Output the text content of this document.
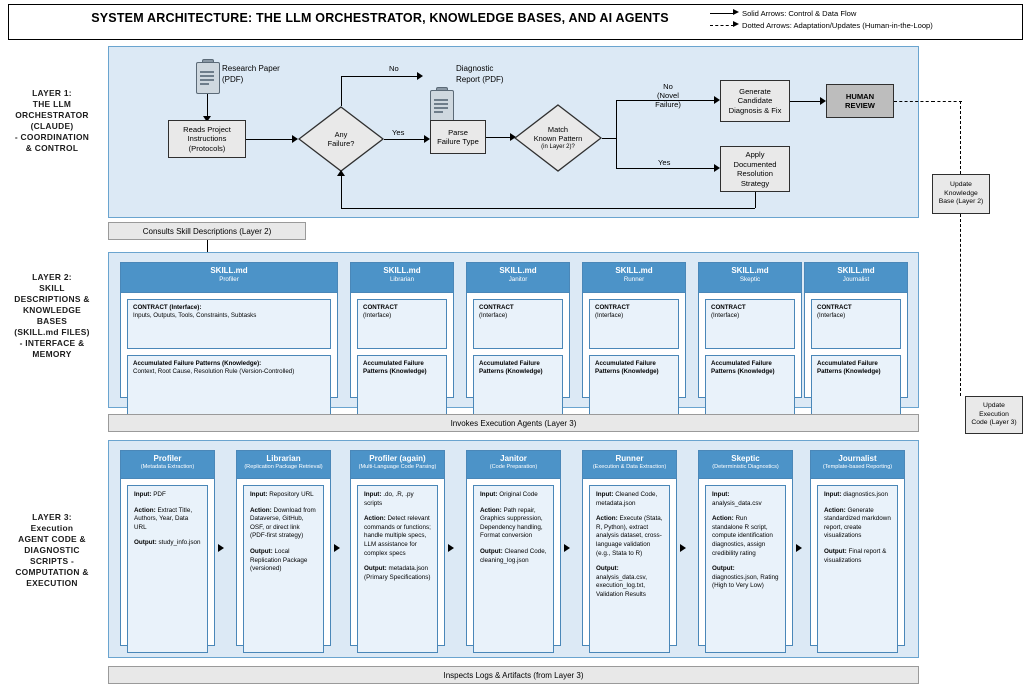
SYSTEM ARCHITECTURE: THE LLM ORCHESTRATOR, KNOWLEDGE BASES, AND AI AGENTS	Solid Arrows: Control & Data Flow
Dotted Arrows: Adaptation/Updates (Human-in-the-Loop)
LAYER 1:
THE LLM
ORCHESTRATOR
(CLAUDE)
- COORDINATION
& CONTROL
Research Paper
(PDF)
Reads Project
Instructions
(Protocols)
Any
Failure?
No	Diagnostic
Report (PDF)
Yes	Parse
Failure Type
Match
Known Pattern
(in Layer 2)?
No
(Novel
Failure)
Yes
Generate
Candidate
Diagnosis & Fix
HUMAN
REVIEW
Apply
Documented
Resolution
Strategy	Update
Knowledge
Base (Layer 2)
Consults Skill Descriptions (Layer 2)
LAYER 2:
SKILL
DESCRIPTIONS &
KNOWLEDGE
BASES
(SKILL.md FILES)
- INTERFACE &
MEMORY
SKILL.md
Profiler
CONTRACT (Interface):
Inputs, Outputs, Tools, Constraints, Subtasks
Accumulated Failure Patterns (Knowledge):
Context, Root Cause, Resolution Rule (Version-Controlled)
SKILL.md
Librarian
CONTRACT
(Interface)
Accumulated Failure Patterns (Knowledge)
SKILL.md
Janitor
CONTRACT
(Interface)
Accumulated Failure Patterns (Knowledge)
SKILL.md
Runner
CONTRACT
(Interface)
Accumulated Failure Patterns (Knowledge)
SKILL.md
Skeptic
CONTRACT
(Interface)
Accumulated Failure Patterns (Knowledge)
SKILL.md
Journalist
CONTRACT
(Interface)
Accumulated Failure Patterns (Knowledge)
Invokes Execution Agents (Layer 3)
Update
Execution
Code (Layer 3)
LAYER 3:
Execution
AGENT CODE &
DIAGNOSTIC
SCRIPTS -
COMPUTATION &
EXECUTION
Profiler
(Metadata Extraction)

Input: PDF

Action: Extract Title, Authors, Year, Data URL

Output: study_info.json

Librarian
(Replication Package Retrieval)

Input: Repository URL

Action: Download from Dataverse, GitHub, OSF, or direct link (PDF-first strategy)

Output: Local Replication Package (versioned)

Profiler (again)
(Multi-Language Code Parsing)

Input: .do, .R, .py scripts

Action: Detect relevant commands or functions; handle multiple specs, LLM assistance for complex specs

Output: metadata.json (Primary Specifications)

Janitor
(Code Preparation)

Input: Original Code

Action: Path repair, Graphics suppression, Dependency handling, Format conversion

Output: Cleaned Code, cleaning_log.json

Runner
(Execution & Data Extraction)

Input: Cleaned Code, metadata.json

Action: Execute (Stata, R, Python), extract analysis dataset, cross-language validation (e.g., Stata to R)

Output: analysis_data.csv, execution_log.txt, Validation Results

Skeptic
(Deterministic Diagnostics)

Input: analysis_data.csv

Action: Run standalone R script, compute identification diagnostics, assign credibility rating

Output: diagnostics.json, Rating (High to Very Low)

Journalist
(Template-based Reporting)

Input: diagnostics.json

Action: Generate standardized markdown report, create visualizations

Output: Final report & visualizations

Inspects Logs & Artifacts (from Layer 3)
